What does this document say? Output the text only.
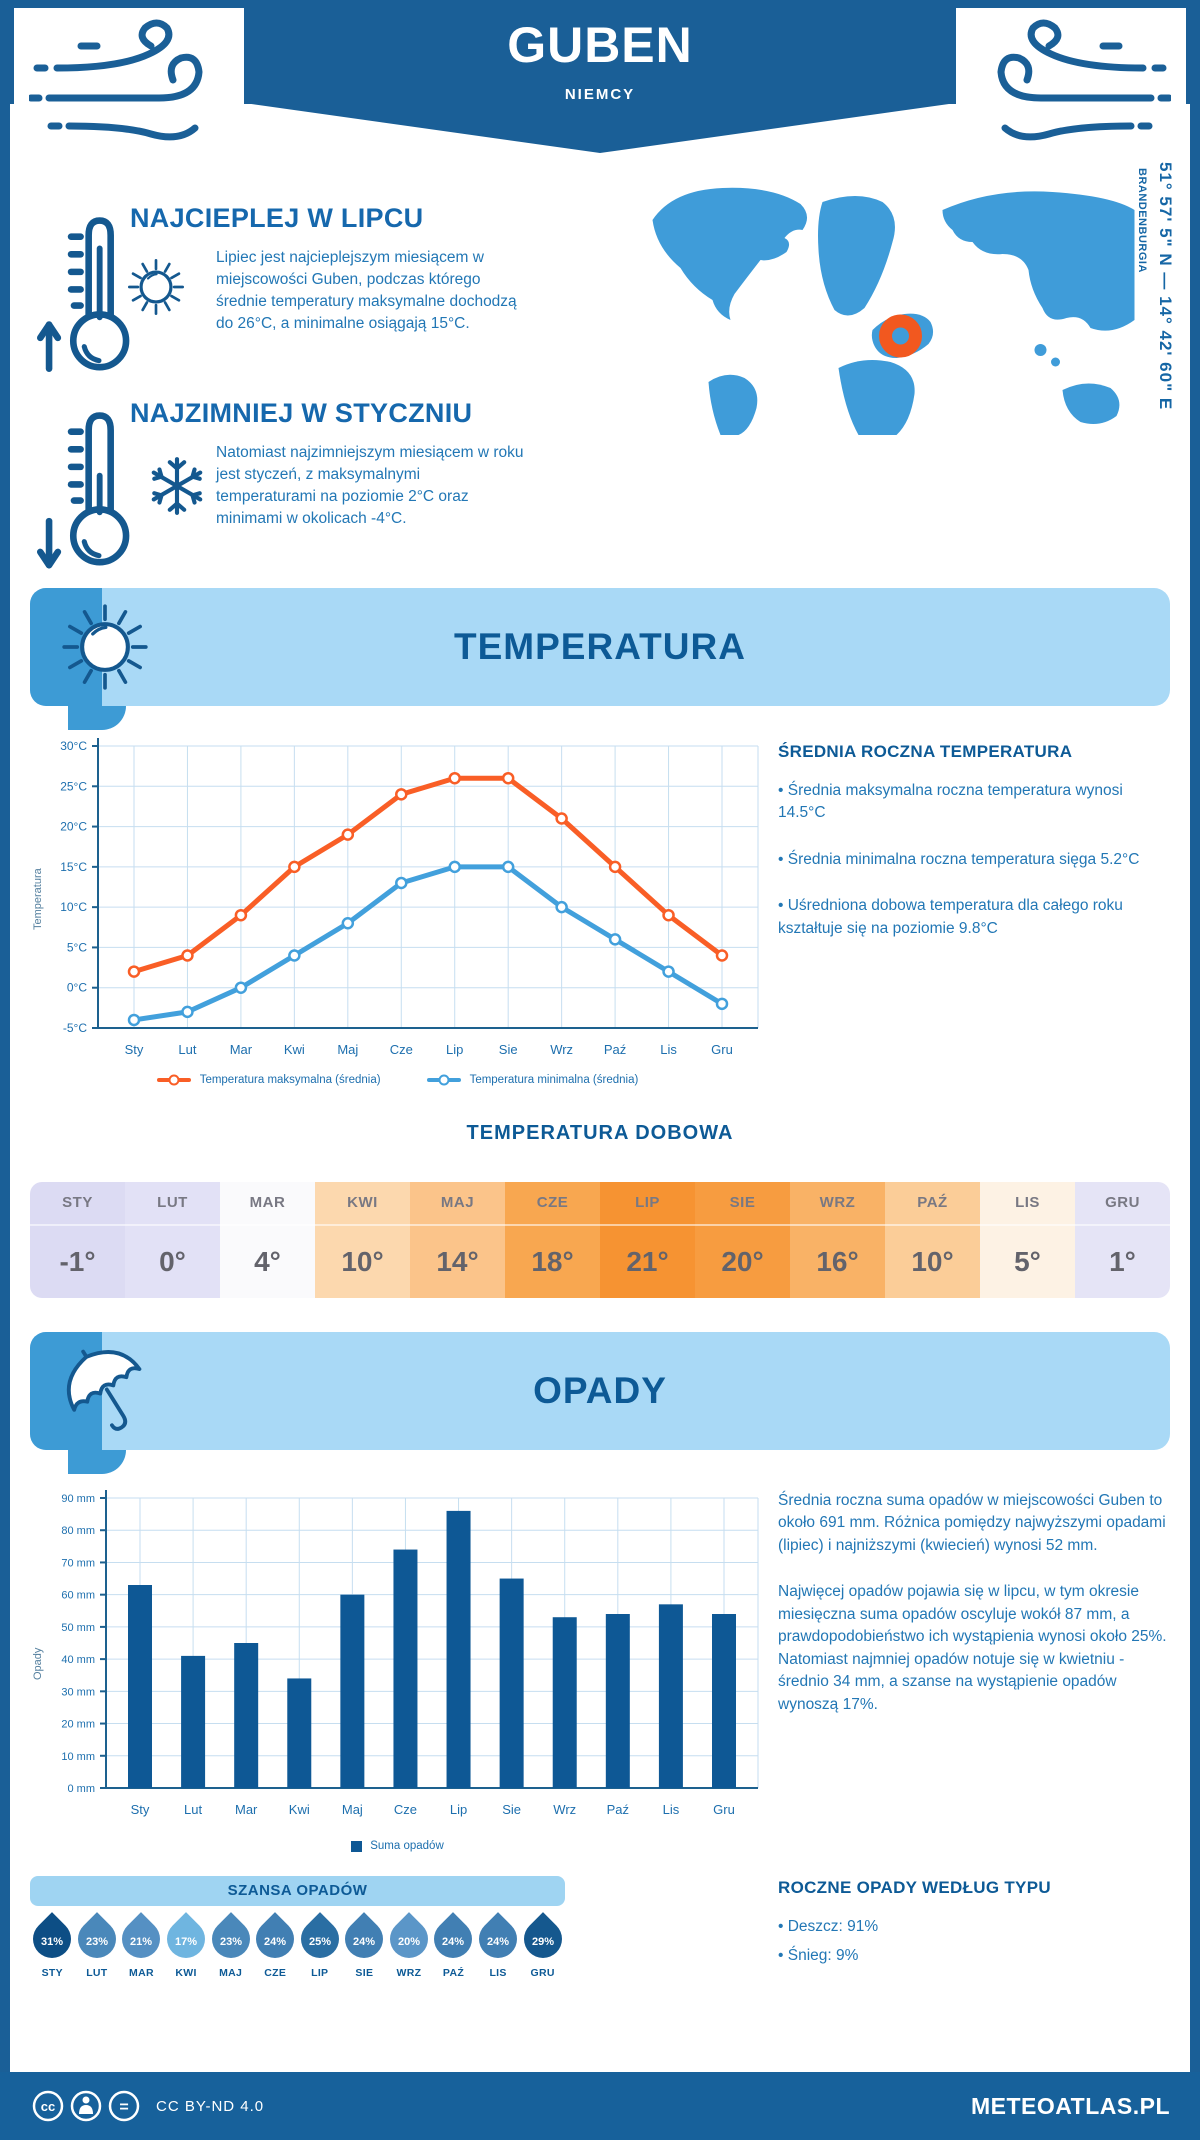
GUBEN
NIEMCY
NAJCIEPLEJ W LIPCU
Lipiec jest najcieplejszym miesiącem w miejscowości Guben, podczas którego średnie temperatury maksymalne dochodzą do 26°C, a minimalne osiągają 15°C.	51° 57' 5" N — 14° 42' 60" E
BRANDENBURGIA
NAJZIMNIEJ W STYCZNIU
Natomiast najzimniejszym miesiącem w roku jest styczeń, z maksymalnymi temperaturami na poziomie 2°C oraz minimami w okolicach -4°C.
TEMPERATURA
Temperatura
-5°C
0°C
5°C
10°C
15°C
20°C
25°C
30°C
Sty	Lut	Mar Kwi	Maj Cze	Lip	Sie	Wrz Paź	Lis	Gru
Temperatura maksymalna (średnia)	Temperatura minimalna (średnia)
ŚREDNIA ROCZNA TEMPERATURA
• Średnia maksymalna roczna temperatura wynosi 14.5°C
• Średnia minimalna roczna temperatura sięga 5.2°C
• Uśredniona dobowa temperatura dla całego roku kształtuje się na poziomie 9.8°C
TEMPERATURA DOBOWA
STY
-1°
LUT
0°
MAR
4°
KWI
10°
MAJ
14°
CZE
18°
LIP
21°
SIE
20°
WRZ
16°
PAŹ
10°
LIS
5°
GRU
1°
OPADY
Opady
0 mm
10 mm
20 mm
30 mm
40 mm
50 mm
60 mm
70 mm
80 mm
90 mm
Sty	Lut	Mar Kwi Maj Cze	Lip	Sie Wrz Paź	Lis	Gru
Suma opadów

Średnia roczna suma opadów w miejscowości Guben to około 691 mm. Różnica pomiędzy najwyższymi opadami (lipiec) i najniższymi (kwiecień) wynosi 52 mm.

Najwięcej opadów pojawia się w lipcu, w tym okresie miesięczna suma opadów oscyluje wokół 87 mm, a prawdopodobieństwo ich wystąpienia wynosi około 25%. Natomiast najmniej opadów notuje się w kwietniu - średnio 34 mm, a szanse na wystąpienie opadów wynoszą 17%.

SZANSA OPADÓW
31%
STY
23%
LUT
21%
MAR
17%
KWI
23%
MAJ
24%
CZE
25%
LIP
24%
SIE
20%
WRZ
24%
PAŹ
24%
LIS
29%
GRU
ROCZNE OPADY WEDŁUG TYPU
• Deszcz: 91%
• Śnieg: 9%
cc	= CC BY-ND 4.0	METEOATLAS.PL
